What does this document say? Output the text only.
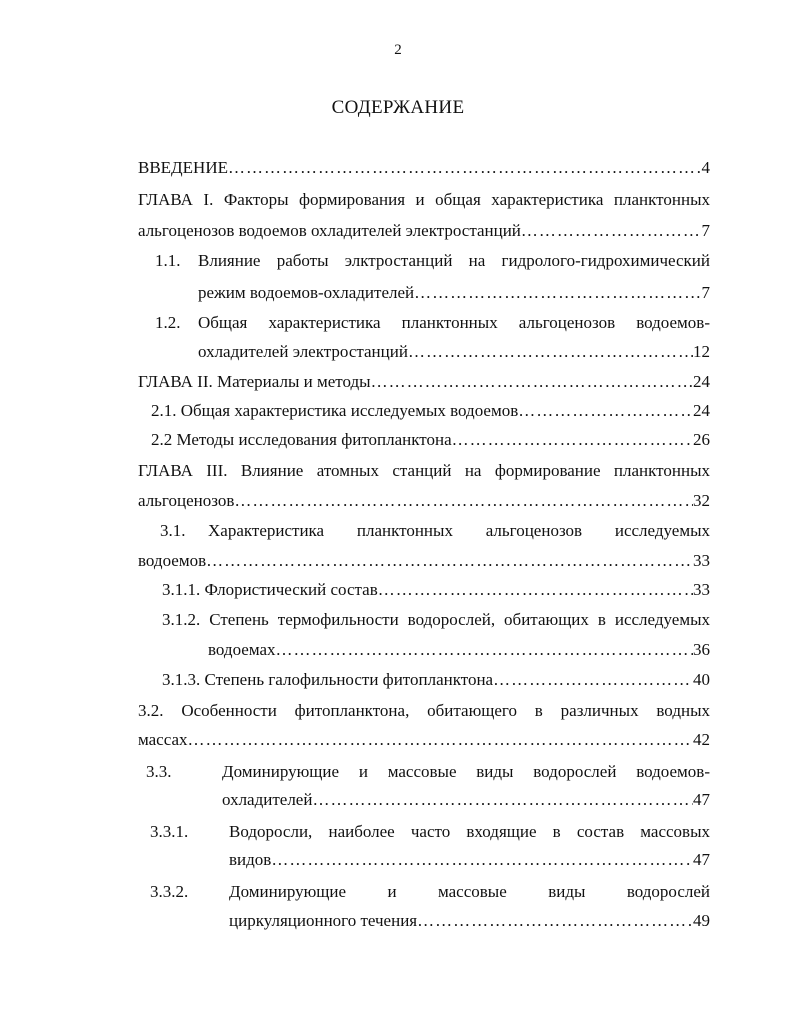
2
СОДЕРЖАНИЕ
ВВЕДЕНИЕ ………………………………………………………………………………………………………………………………………………	4
ГЛАВА I. Факторы формирования и общая характеристика планктонных
альгоценозов водоемов охладителей электростанций ………………………………………………………………………………………………………………………………………………	7
1.1. Влияние работы элктростанций на гидролого-гидрохимический
режим водоемов-охладителей ………………………………………………………………………………………………………………………………………………	7
1.2. Общая характеристика планктонных альгоценозов водоемов-
охладителей электростанций ………………………………………………………………………………………………………………………………………………	12
ГЛАВА II. Материалы и методы ………………………………………………………………………………………………………………………………………………	24
2.1. Общая характеристика исследуемых водоемов ………………………………………………………………………………………………………………………………………………	24
2.2 Методы исследования фитопланктона ………………………………………………………………………………………………………………………………………………	26
ГЛАВА III. Влияние атомных станций на формирование планктонных
альгоценозов ………………………………………………………………………………………………………………………………………………	32
3.1. Характеристика планктонных альгоценозов исследуемых
водоемов ………………………………………………………………………………………………………………………………………………	33
3.1.1. Флористический состав ………………………………………………………………………………………………………………………………………………	33
3.1.2. Степень термофильности водорослей, обитающих в исследуемых
водоемах ………………………………………………………………………………………………………………………………………………	36
3.1.3. Степень галофильности фитопланктона ………………………………………………………………………………………………………………………………………………	40
3.2. Особенности фитопланктона, обитающего в различных водных
массах ………………………………………………………………………………………………………………………………………………	42
3.3.	Доминирующие и массовые виды водорослей водоемов-
охладителей ………………………………………………………………………………………………………………………………………………	47
3.3.1. Водоросли, наиболее часто входящие в состав массовых
видов ………………………………………………………………………………………………………………………………………………	47
3.3.2. Доминирующие и массовые виды водорослей
циркуляционного течения ………………………………………………………………………………………………………………………………………………	49
